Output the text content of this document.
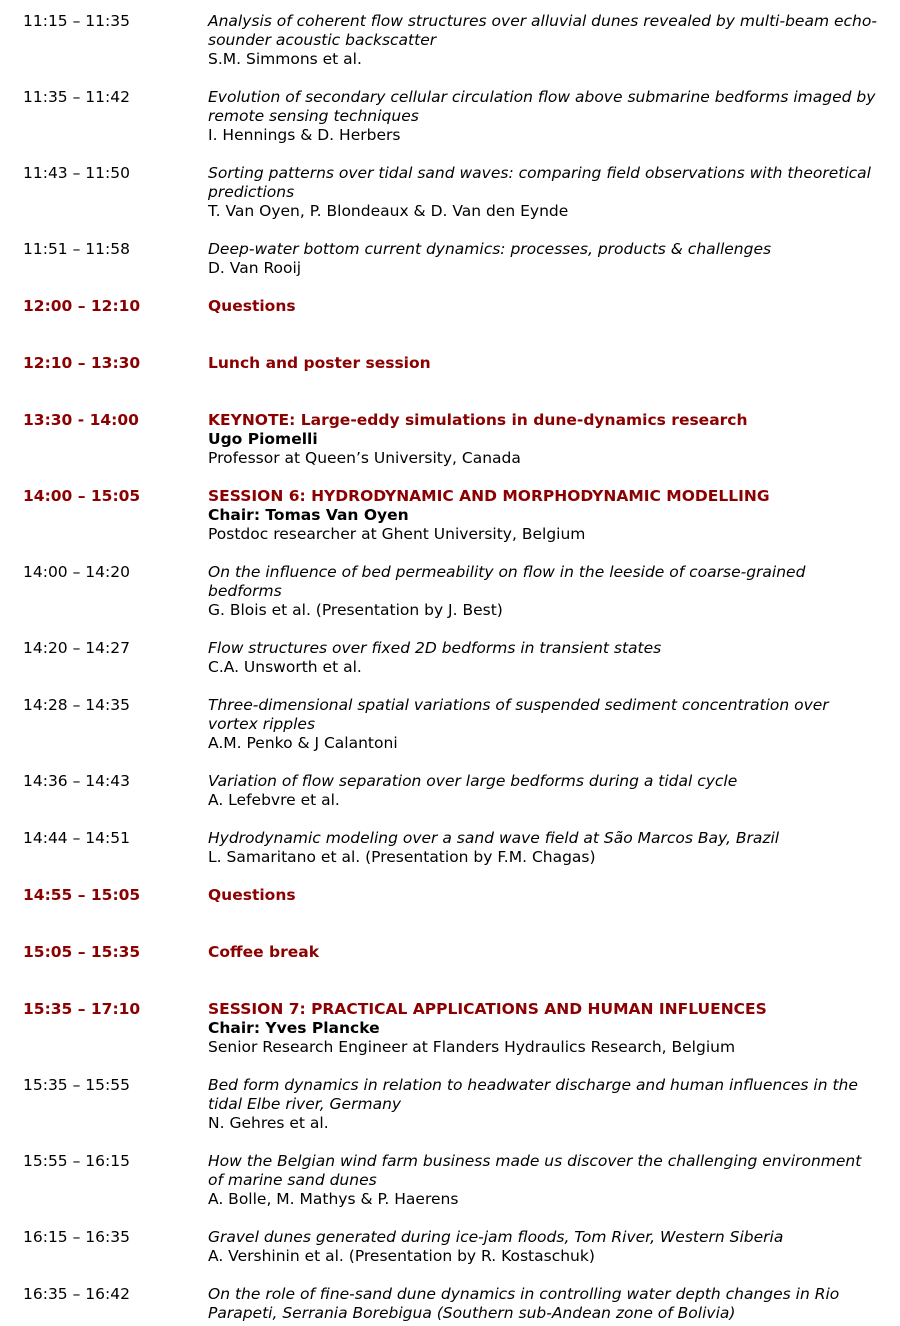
11:15 – 11:35	Analysis of coherent flow structures over alluvial dunes revealed by multi-beam echo-sounder acoustic backscatter
S.M. Simmons et al.
11:35 – 11:42	Evolution of secondary cellular circulation flow above submarine bedforms imaged by remote sensing techniques
I. Hennings & D. Herbers
11:43 – 11:50	Sorting patterns over tidal sand waves: comparing field observations with theoretical predictions
T. Van Oyen, P. Blondeaux & D. Van den Eynde
11:51 – 11:58	Deep-water bottom current dynamics: processes, products & challenges
D. Van Rooij
12:00 – 12:10	Questions
12:10 – 13:30	Lunch and poster session
13:30 - 14:00	KEYNOTE: Large-eddy simulations in dune-dynamics research
Ugo Piomelli
Professor at Queen’s University, Canada
14:00 – 15:05	SESSION 6: HYDRODYNAMIC AND MORPHODYNAMIC MODELLING
Chair: Tomas Van Oyen
Postdoc researcher at Ghent University, Belgium
14:00 – 14:20	On the influence of bed permeability on flow in the leeside of coarse-grained bedforms
G. Blois et al. (Presentation by J. Best)
14:20 – 14:27	Flow structures over fixed 2D bedforms in transient states
C.A. Unsworth et al.
14:28 – 14:35	Three-dimensional spatial variations of suspended sediment concentration over vortex ripples
A.M. Penko & J Calantoni
14:36 – 14:43	Variation of flow separation over large bedforms during a tidal cycle
A. Lefebvre et al.
14:44 – 14:51	Hydrodynamic modeling over a sand wave field at São Marcos Bay, Brazil
L. Samaritano et al. (Presentation by F.M. Chagas)
14:55 – 15:05	Questions
15:05 – 15:35	Coffee break
15:35 – 17:10	SESSION 7: PRACTICAL APPLICATIONS AND HUMAN INFLUENCES
Chair: Yves Plancke
Senior Research Engineer at Flanders Hydraulics Research, Belgium
15:35 – 15:55	Bed form dynamics in relation to headwater discharge and human influences in the tidal Elbe river, Germany
N. Gehres et al.
15:55 – 16:15	How the Belgian wind farm business made us discover the challenging environment of marine sand dunes
A. Bolle, M. Mathys & P. Haerens
16:15 – 16:35	Gravel dunes generated during ice-jam floods, Tom River, Western Siberia
A. Vershinin et al. (Presentation by R. Kostaschuk)
16:35 – 16:42	On the role of fine-sand dune dynamics in controlling water depth changes in Rio Parapeti, Serrania Borebigua (Southern sub-Andean zone of Bolivia)
